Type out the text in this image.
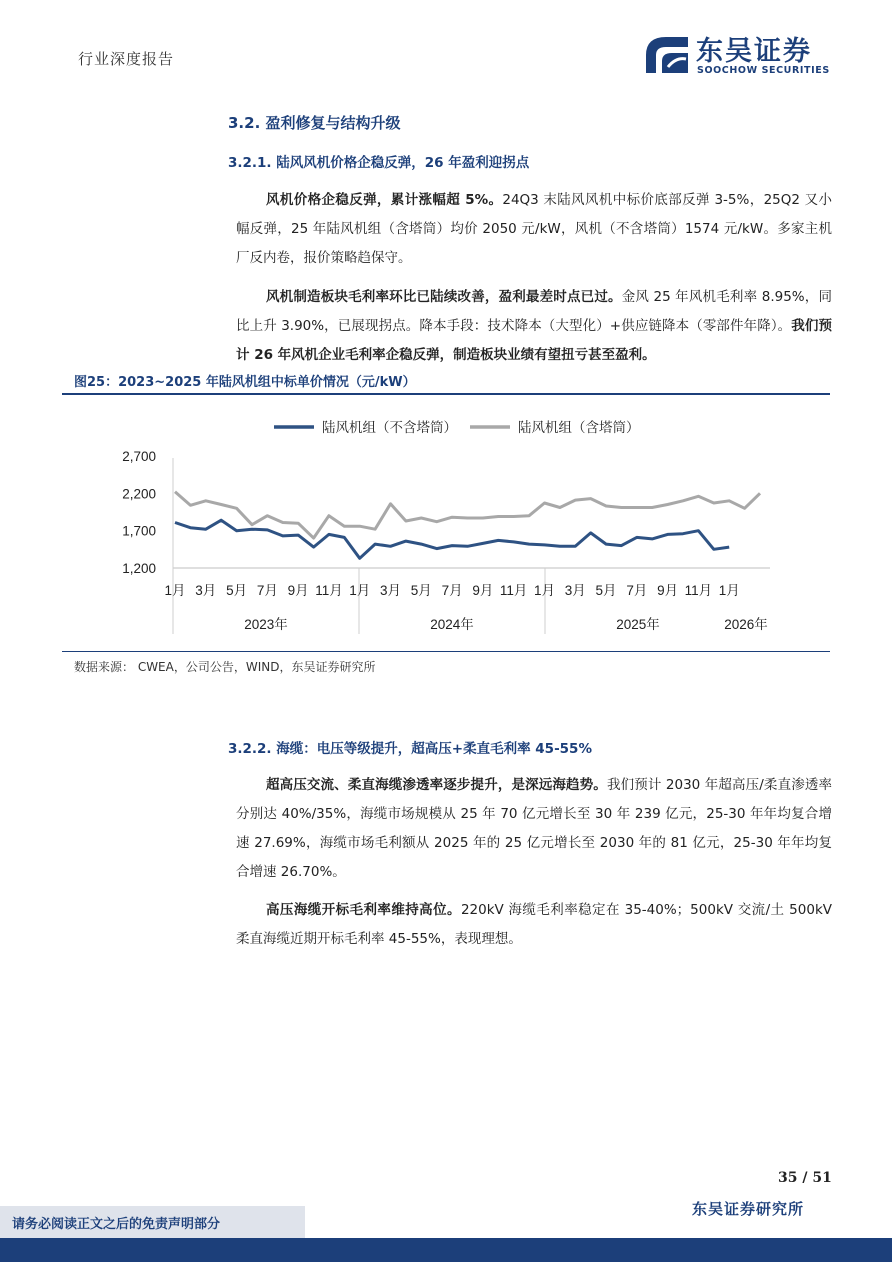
行业深度报告	东吴证券
SOOCHOW SECURITIES
3.2. 盈利修复与结构升级
3.2.1. 陆风风机价格企稳反弹，26 年盈利迎拐点

风机价格企稳反弹，累计涨幅超 5%。24Q3 末陆风风机中标价底部反弹 3-5%，25Q2 又小幅反弹，25 年陆风机组（含塔筒）均价 2050 元/kW，风机（不含塔筒）1574 元/kW。多家主机厂反内卷，报价策略趋保守。

风机制造板块毛利率环比已陆续改善，盈利最差时点已过。金风 25 年风机毛利率 8.95%，同比上升 3.90%，已展现拐点。降本手段：技术降本（大型化）+供应链降本（零部件年降）。我们预计 26 年风机企业毛利率企稳反弹，制造板块业绩有望扭亏甚至盈利。

图25：2023~2025 年陆风机组中标单价情况（元/kW）
陆风机组（不含塔筒）	陆风机组（含塔筒）
1,200
1,700
2,200
2,700
1月 3月 5月 7月 9月 11月 1月 3月 5月 7月 9月 11月 1月 3月 5月 7月 9月 11月 1月
2023年	2024年	2025年	2026年
数据来源： CWEA，公司公告，WIND，东吴证券研究所
3.2.2. 海缆：电压等级提升，超高压+柔直毛利率 45-55%

超高压交流、柔直海缆渗透率逐步提升，是深远海趋势。我们预计 2030 年超高压/柔直渗透率分别达 40%/35%，海缆市场规模从 25 年 70 亿元增长至 30 年 239 亿元，25-30 年年均复合增速 27.69%，海缆市场毛利额从 2025 年的 25 亿元增长至 2030 年的 81 亿元，25-30 年年均复合增速 26.70%。

高压海缆开标毛利率维持高位。220kV 海缆毛利率稳定在 35-40%；500kV 交流/土 500kV 柔直海缆近期开标毛利率 45-55%，表现理想。

35 / 51
东吴证券研究所
请务必阅读正文之后的免责声明部分
